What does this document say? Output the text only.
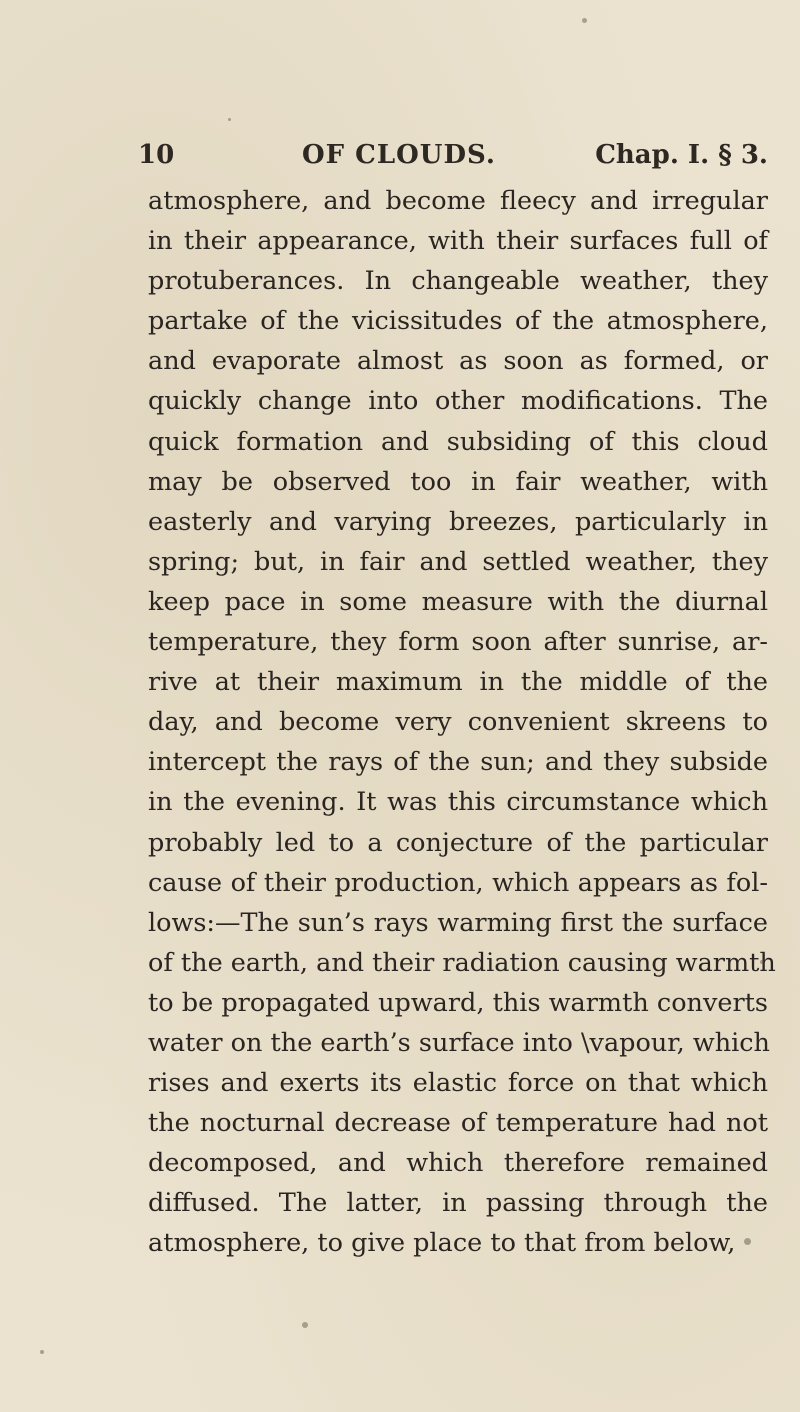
10	OF CLOUDS.	Chap. I. § 3.
atmosphere, and become fleecy and irregular
in their appearance, with their surfaces full of
protuberances. In changeable weather, they
partake of the vicissitudes of the atmosphere,
and evaporate almost as soon as formed, or
quickly change into other modifications. The
quick formation and subsiding of this cloud
may be observed too in fair weather, with
easterly and varying breezes, particularly in
spring; but, in fair and settled weather, they
keep pace in some measure with the diurnal
temperature, they form soon after sunrise, ar-
rive at their maximum in the middle of the
day, and become very convenient skreens to
intercept the rays of the sun; and they subside
in the evening. It was this circumstance which
probably led to a conjecture of the particular
cause of their production, which appears as fol-
lows:—The sun’s rays warming first the surface
of the earth, and their radiation causing warmth
to be propagated upward, this warmth converts
water on the earth’s surface into \vapour, which
rises and exerts its elastic force on that which
the nocturnal decrease of temperature had not
decomposed, and which therefore remained
diffused. The latter, in passing through the
atmosphere, to give place to that from below,
